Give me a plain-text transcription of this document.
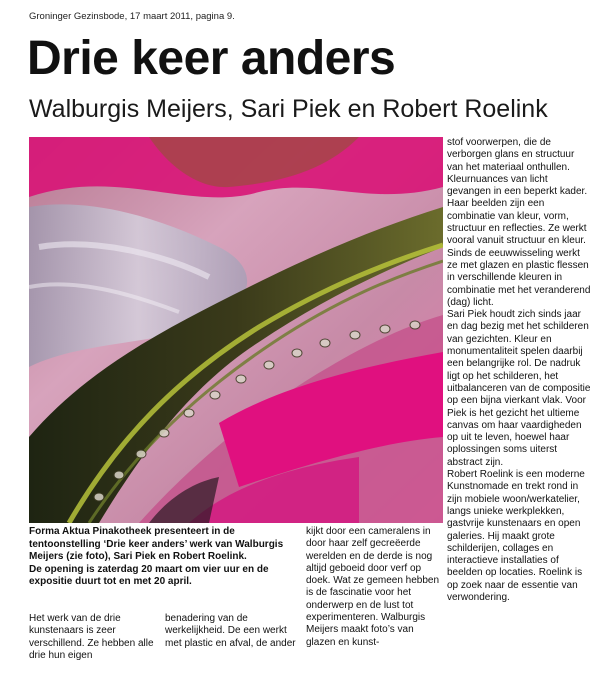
Groninger Gezinsbode, 17 maart 2011, pagina 9.
Drie keer anders
Walburgis Meijers, Sari Piek en Robert Roelink

Forma Aktua Pinakotheek presenteert in de tentoonstelling ‘Drie keer anders’ werk van Walburgis Meijers (zie foto), Sari Piek en Robert Roelink.

De opening is zaterdag 20 maart om vier uur en de expositie duurt tot en met 20 april.

Het werk van de drie kunstenaars is zeer verschillend. Ze hebben alle drie hun eigen

benadering van de werkelijkheid. De een werkt met plastic en afval, de ander

kijkt door een cameralens in door haar zelf gecreëerde werelden en de derde is nog altijd geboeid door verf op doek. Wat ze gemeen hebben is de fascinatie voor het onderwerp en de lust tot experimenteren. Walburgis Meijers maakt foto’s van glazen en kunst-

stof voorwerpen, die de verborgen glans en structuur van het materiaal onthullen. Kleurnuances van licht gevangen in een beperkt kader. Haar beelden zijn een combinatie van kleur, vorm, structuur en reflecties. Ze werkt vooral vanuit structuur en kleur. Sinds de eeuwwisseling werkt ze met glazen en plastic flessen in verschillende kleuren in combinatie met het veranderend (dag) licht.

Sari Piek houdt zich sinds jaar en dag bezig met het schilderen van gezichten. Kleur en monumentaliteit spelen daarbij een belangrijke rol. De nadruk ligt op het schilderen, het uitbalanceren van de compositie op een bijna vierkant vlak. Voor Piek is het gezicht het ultieme canvas om haar vaardigheden op uit te leven, hoewel haar oplossingen soms uiterst abstract zijn.

Robert Roelink is een moderne Kunstnomade en trekt rond in zijn mobiele woon/werkatelier, langs unieke werkplekken, gastvrije kunstenaars en open galeries. Hij maakt grote schilderijen, collages en interactieve installaties of beelden op locaties. Roelink is op zoek naar de essentie van verwondering.
